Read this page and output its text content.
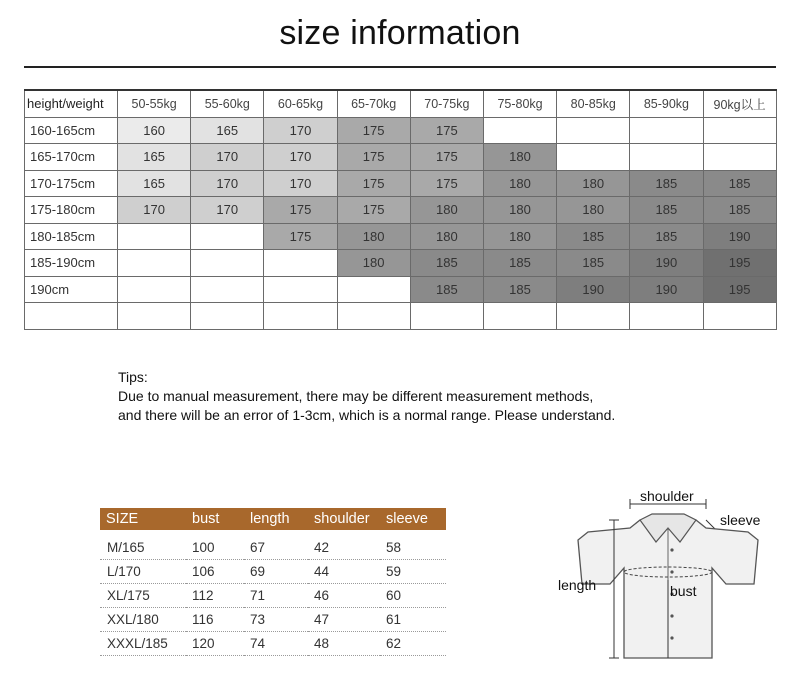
size information
height/weight	50-55kg	55-60kg	60-65kg	65-70kg	70-75kg	75-80kg	80-85kg	85-90kg	90kg以上
160-165cm	160	165	170	175	175				
165-170cm	165	170	170	175	175	180			
170-175cm	165	170	170	175	175	180	180	185	185
175-180cm	170	170	175	175	180	180	180	185	185
180-185cm			175	180	180	180	185	185	190
185-190cm				180	185	185	185	190	195
190cm					185	185	190	190	195

Tips:
Due to manual measurement, there may be different measurement methods,
and there will be an error of 1-3cm, which is a normal range. Please understand.
SIZE	bust	length	shoulder	sleeve

M/165	100	67	42	58
L/170	106	69	44	59
XL/175	112	71	46	60
XXL/180	116	73	47	61
XXXL/185	120	74	48	62
shoulder
sleeve
length	bust
